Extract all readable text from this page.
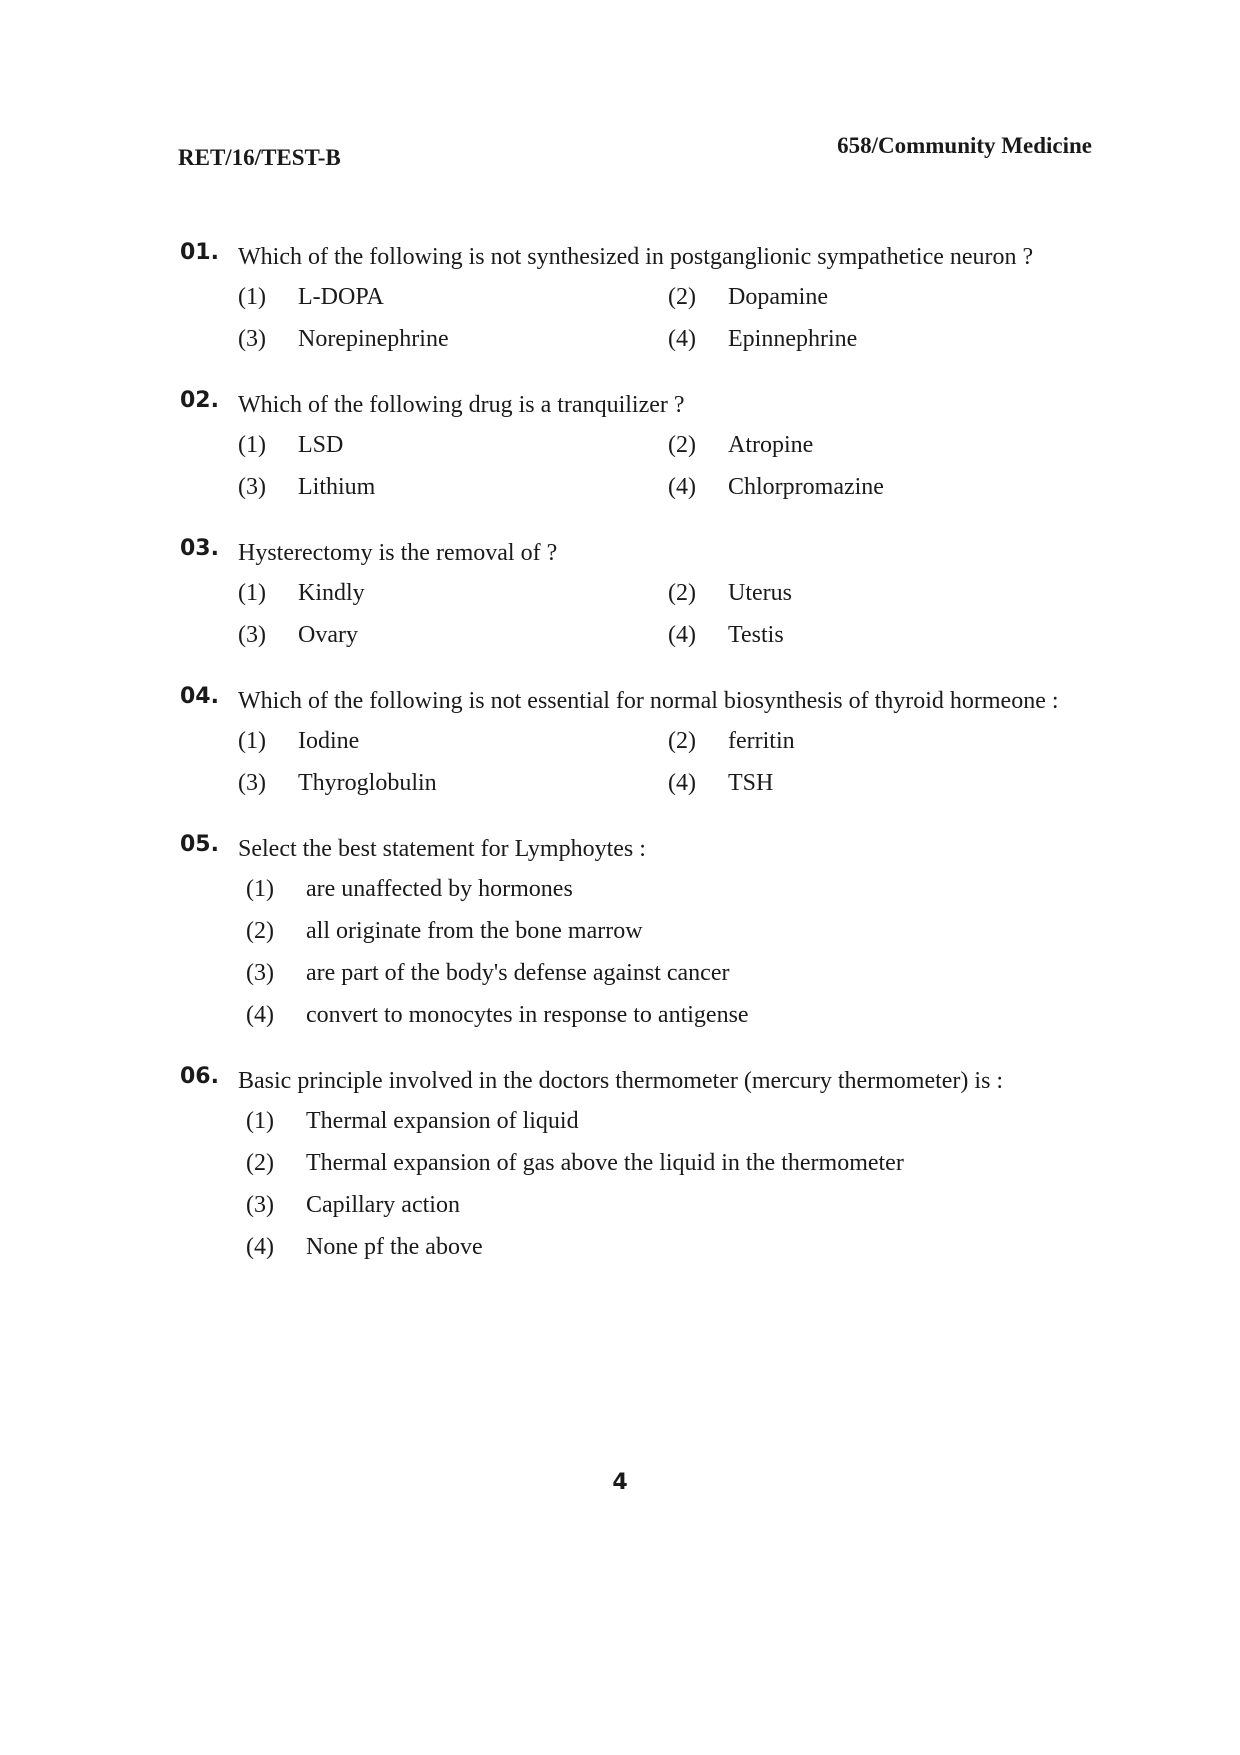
RET/16/TEST-B	658/Community Medicine
01. Which of the following is not synthesized in postganglionic sympathetice neuron ?
(1) L-DOPA	(2) Dopamine
(3) Norepinephrine	(4) Epinnephrine
02. Which of the following drug is a tranquilizer ?
(1) LSD	(2) Atropine
(3) Lithium	(4) Chlorpromazine
03. Hysterectomy is the removal of ?
(1) Kindly	(2) Uterus
(3) Ovary	(4) Testis
04. Which of the following is not essential for normal biosynthesis of thyroid hormeone :
(1) Iodine	(2) ferritin
(3) Thyroglobulin	(4) TSH
05. Select the best statement for Lymphoytes :
(1) are unaffected by hormones
(2) all originate from the bone marrow
(3) are part of the body's defense against cancer
(4) convert to monocytes in response to antigense
06. Basic principle involved in the doctors thermometer (mercury thermometer) is :
(1) Thermal expansion of liquid
(2) Thermal expansion of gas above the liquid in the thermometer
(3) Capillary action
(4) None pf the above
4
